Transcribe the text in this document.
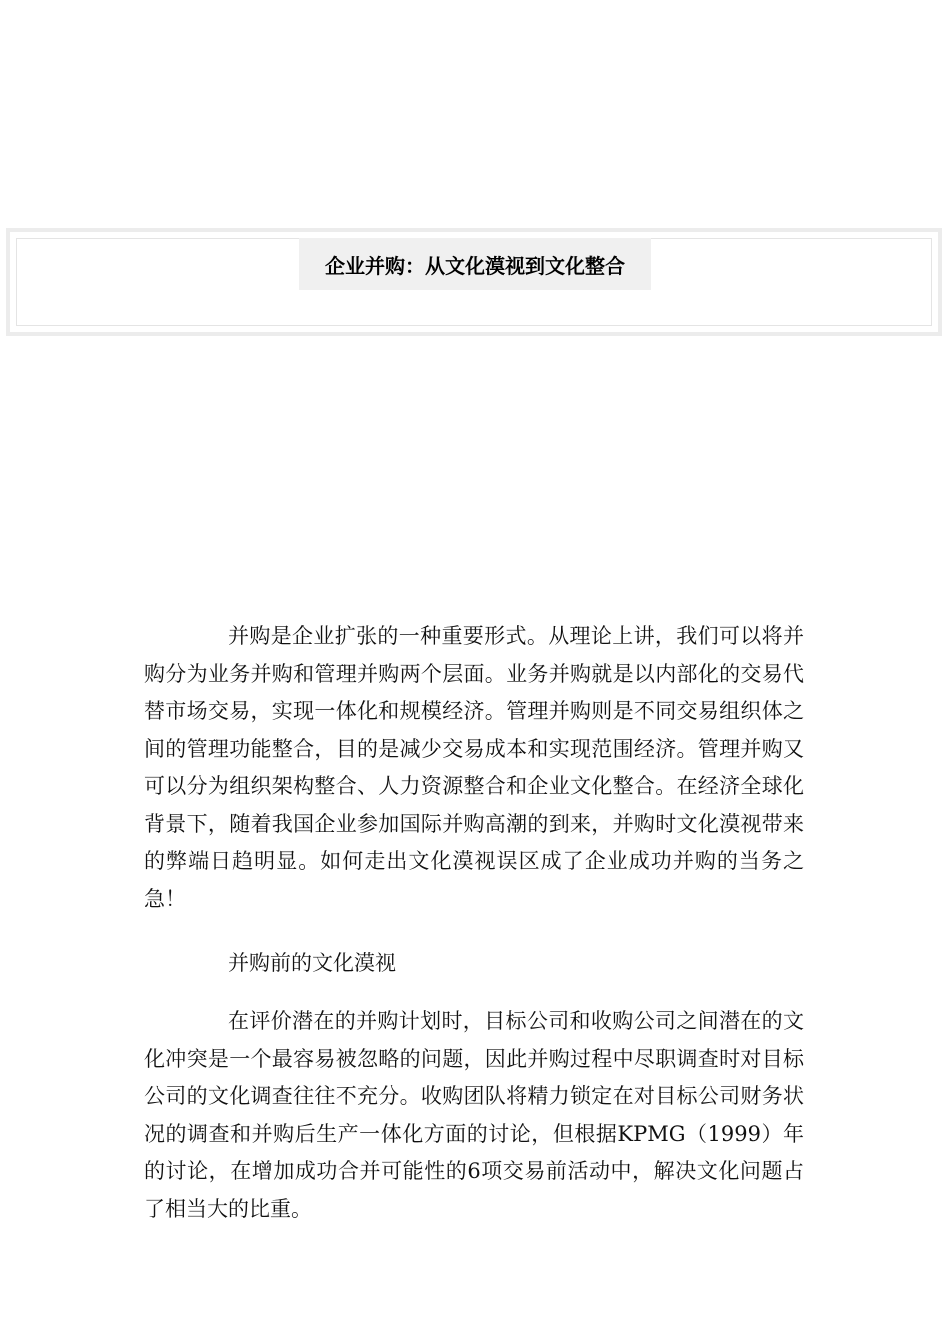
企业并购：从文化漠视到文化整合
并购是企业扩张的一种重要形式。从理论上讲，我们可以将并购分为业务并购和管理并购两个层面。业务并购就是以内部化的交易代替市场交易，实现一体化和规模经济。管理并购则是不同交易组织体之间的管理功能整合，目的是减少交易成本和实现范围经济。管理并购又可以分为组织架构整合、人力资源整合和企业文化整合。在经济全球化背景下，随着我国企业参加国际并购高潮的到来，并购时文化漠视带来的弊端日趋明显。如何走出文化漠视误区成了企业成功并购的当务之急！
并购前的文化漠视
在评价潜在的并购计划时，目标公司和收购公司之间潜在的文化冲突是一个最容易被忽略的问题，因此并购过程中尽职调查时对目标公司的文化调查往往不充分。收购团队将精力锁定在对目标公司财务状况的调查和并购后生产一体化方面的讨论，但根据KPMG（1999）年的讨论，在增加成功合并可能性的6项交易前活动中，解决文化问题占了相当大的比重。
